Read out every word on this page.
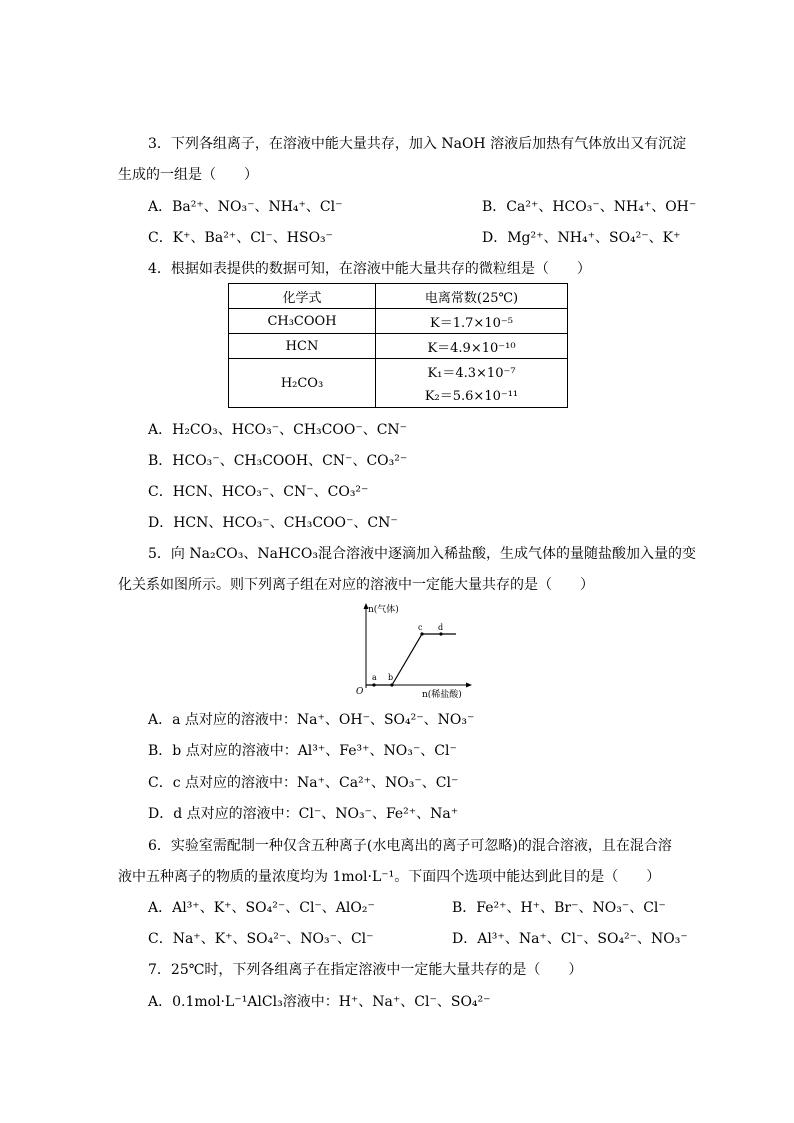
3．下列各组离子，在溶液中能大量共存，加入 NaOH 溶液后加热有气体放出又有沉淀
生成的一组是（　　）
A．Ba²⁺、NO₃⁻、NH₄⁺、Cl⁻	B．Ca²⁺、HCO₃⁻、NH₄⁺、OH⁻
C．K⁺、Ba²⁺、Cl⁻、HSO₃⁻	D．Mg²⁺、NH₄⁺、SO₄²⁻、K⁺
4．根据如表提供的数据可知，在溶液中能大量共存的微粒组是（　　）
化学式	电离常数(25℃)
CH₃COOH	K＝1.7×10⁻⁵
HCN	K＝4.9×10⁻¹⁰
H₂CO₃	K₁＝4.3×10⁻⁷
K₂＝5.6×10⁻¹¹
A．H₂CO₃、HCO₃⁻、CH₃COO⁻、CN⁻
B．HCO₃⁻、CH₃COOH、CN⁻、CO₃²⁻
C．HCN、HCO₃⁻、CN⁻、CO₃²⁻
D．HCN、HCO₃⁻、CH₃COO⁻、CN⁻
5．向 Na₂CO₃、NaHCO₃混合溶液中逐滴加入稀盐酸，生成气体的量随盐酸加入量的变
化关系如图所示。则下列离子组在对应的溶液中一定能大量共存的是（　　）
n(气体)
n(稀盐酸)
O
a b
c d
A．a 点对应的溶液中：Na⁺、OH⁻、SO₄²⁻、NO₃⁻
B．b 点对应的溶液中：Al³⁺、Fe³⁺、NO₃⁻、Cl⁻
C．c 点对应的溶液中：Na⁺、Ca²⁺、NO₃⁻、Cl⁻
D．d 点对应的溶液中：Cl⁻、NO₃⁻、Fe²⁺、Na⁺
6．实验室需配制一种仅含五种离子(水电离出的离子可忽略)的混合溶液，且在混合溶
液中五种离子的物质的量浓度均为 1mol·L⁻¹。下面四个选项中能达到此目的是（　　）
A．Al³⁺、K⁺、SO₄²⁻、Cl⁻、AlO₂⁻	B．Fe²⁺、H⁺、Br⁻、NO₃⁻、Cl⁻
C．Na⁺、K⁺、SO₄²⁻、NO₃⁻、Cl⁻	D．Al³⁺、Na⁺、Cl⁻、SO₄²⁻、NO₃⁻
7．25℃时，下列各组离子在指定溶液中一定能大量共存的是（　　）
A．0.1mol·L⁻¹AlCl₃溶液中：H⁺、Na⁺、Cl⁻、SO₄²⁻
